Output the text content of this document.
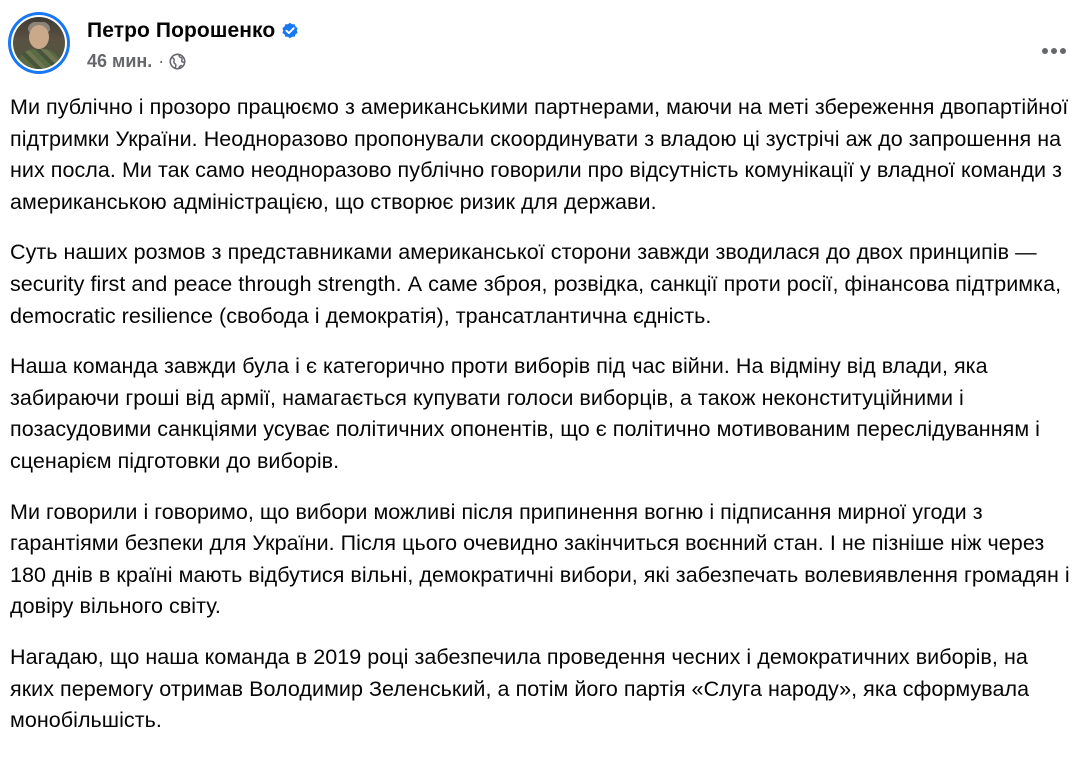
Петро Порошенко
46 мин. ·

Ми публічно і прозоро працюємо з американськими партнерами, маючи на меті збереження двопартійної підтримки України. Неодноразово пропонували скоординувати з владою ці зустрічі аж до запрошення на них посла. Ми так само неодноразово публічно говорили про відсутність комунікації у владної команди з американською адміністрацією, що створює ризик для держави.

Суть наших розмов з представниками американської сторони завжди зводилася до двох принципів — security first and peace through strength. А саме зброя, розвідка, санкції проти росії, фінансова підтримка, democratic resilience (свобода і демократія), трансатлантична єдність.

Наша команда завжди була і є категорично проти виборів під час війни. На відміну від влади, яка забираючи гроші від армії, намагається купувати голоси виборців, а також неконституційними і позасудовими санкціями усуває політичних опонентів, що є політично мотивованим переслідуванням і сценарієм підготовки до виборів.

Ми говорили і говоримо, що вибори можливі після припинення вогню і підписання мирної угоди з гарантіями безпеки для України. Після цього очевидно закінчиться воєнний стан. І не пізніше ніж через 180 днів в країні мають відбутися вільні, демократичні вибори, які забезпечать волевиявлення громадян і довіру вільного світу.

Нагадаю, що наша команда в 2019 році забезпечила проведення чесних і демократичних виборів, на яких перемогу отримав Володимир Зеленський, а потім його партія «Слуга народу», яка сформувала монобільшість.
